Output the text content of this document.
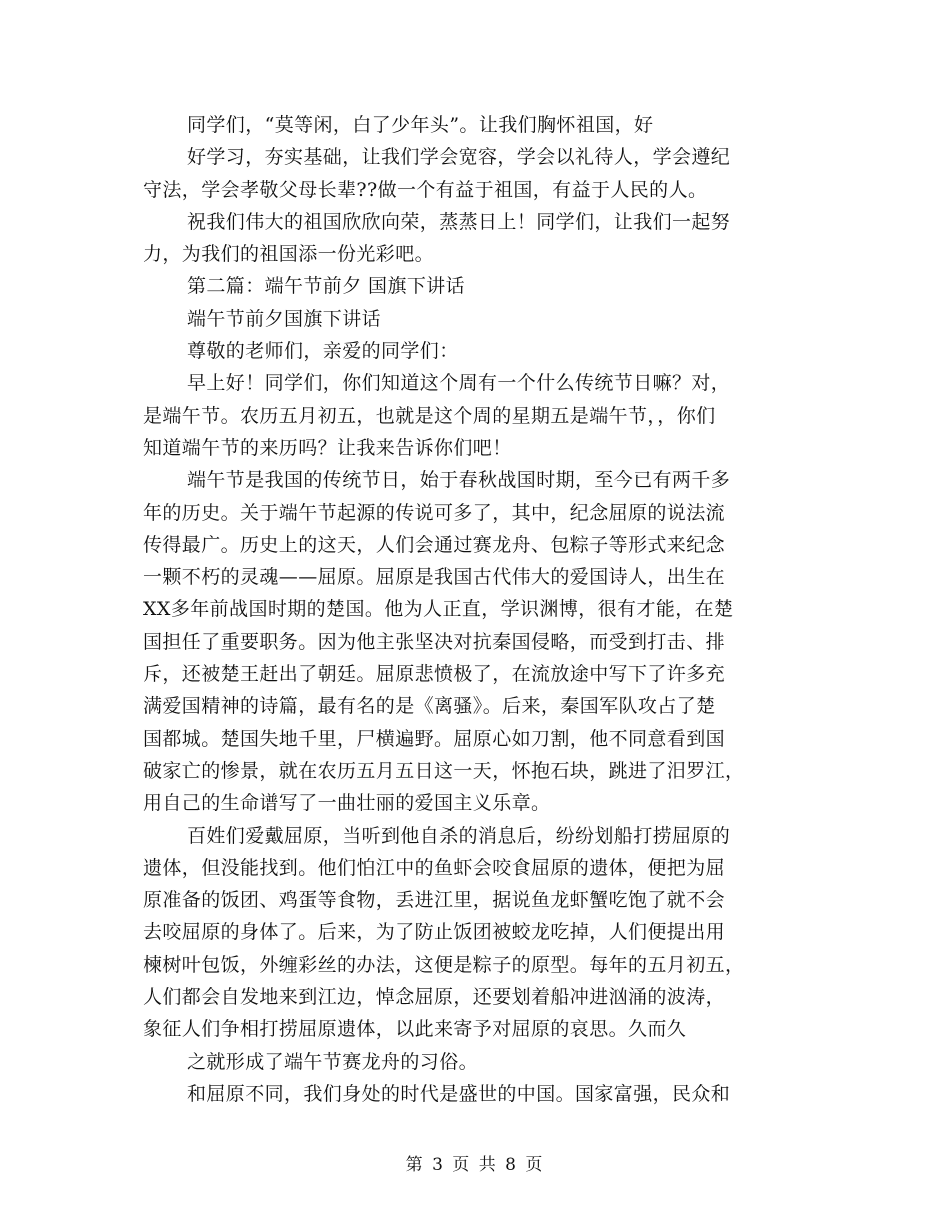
同学们，“莫等闲，白了少年头”。让我们胸怀祖国，好
好学习，夯实基础，让我们学会宽容，学会以礼待人，学会遵纪
守法，学会孝敬父母长辈??做一个有益于祖国，有益于人民的人。
祝我们伟大的祖国欣欣向荣，蒸蒸日上！同学们，让我们一起努
力，为我们的祖国添一份光彩吧。
第二篇：端午节前夕 国旗下讲话
端午节前夕国旗下讲话
尊敬的老师们，亲爱的同学们：
早上好！同学们，你们知道这个周有一个什么传统节日嘛？对，
是端午节。农历五月初五，也就是这个周的星期五是端午节，，你们
知道端午节的来历吗？让我来告诉你们吧！
端午节是我国的传统节日，始于春秋战国时期，至今已有两千多
年的历史。关于端午节起源的传说可多了，其中，纪念屈原的说法流
传得最广。历史上的这天，人们会通过赛龙舟、包粽子等形式来纪念
一颗不朽的灵魂——屈原。屈原是我国古代伟大的爱国诗人，出生在
XX多年前战国时期的楚国。他为人正直，学识渊博，很有才能，在楚
国担任了重要职务。因为他主张坚决对抗秦国侵略，而受到打击、排
斥，还被楚王赶出了朝廷。屈原悲愤极了，在流放途中写下了许多充
满爱国精神的诗篇，最有名的是《离骚》。后来，秦国军队攻占了楚
国都城。楚国失地千里，尸横遍野。屈原心如刀割，他不同意看到国
破家亡的惨景，就在农历五月五日这一天，怀抱石块，跳进了汨罗江，
用自己的生命谱写了一曲壮丽的爱国主义乐章。
百姓们爱戴屈原，当听到他自杀的消息后，纷纷划船打捞屈原的
遗体，但没能找到。他们怕江中的鱼虾会咬食屈原的遗体，便把为屈
原准备的饭团、鸡蛋等食物，丢进江里，据说鱼龙虾蟹吃饱了就不会
去咬屈原的身体了。后来，为了防止饭团被蛟龙吃掉，人们便提出用
楝树叶包饭，外缠彩丝的办法，这便是粽子的原型。每年的五月初五，
人们都会自发地来到江边，悼念屈原，还要划着船冲进汹涌的波涛，
象征人们争相打捞屈原遗体，以此来寄予对屈原的哀思。久而久
之就形成了端午节赛龙舟的习俗。
和屈原不同，我们身处的时代是盛世的中国。国家富强，民众和
第 3 页 共 8 页
